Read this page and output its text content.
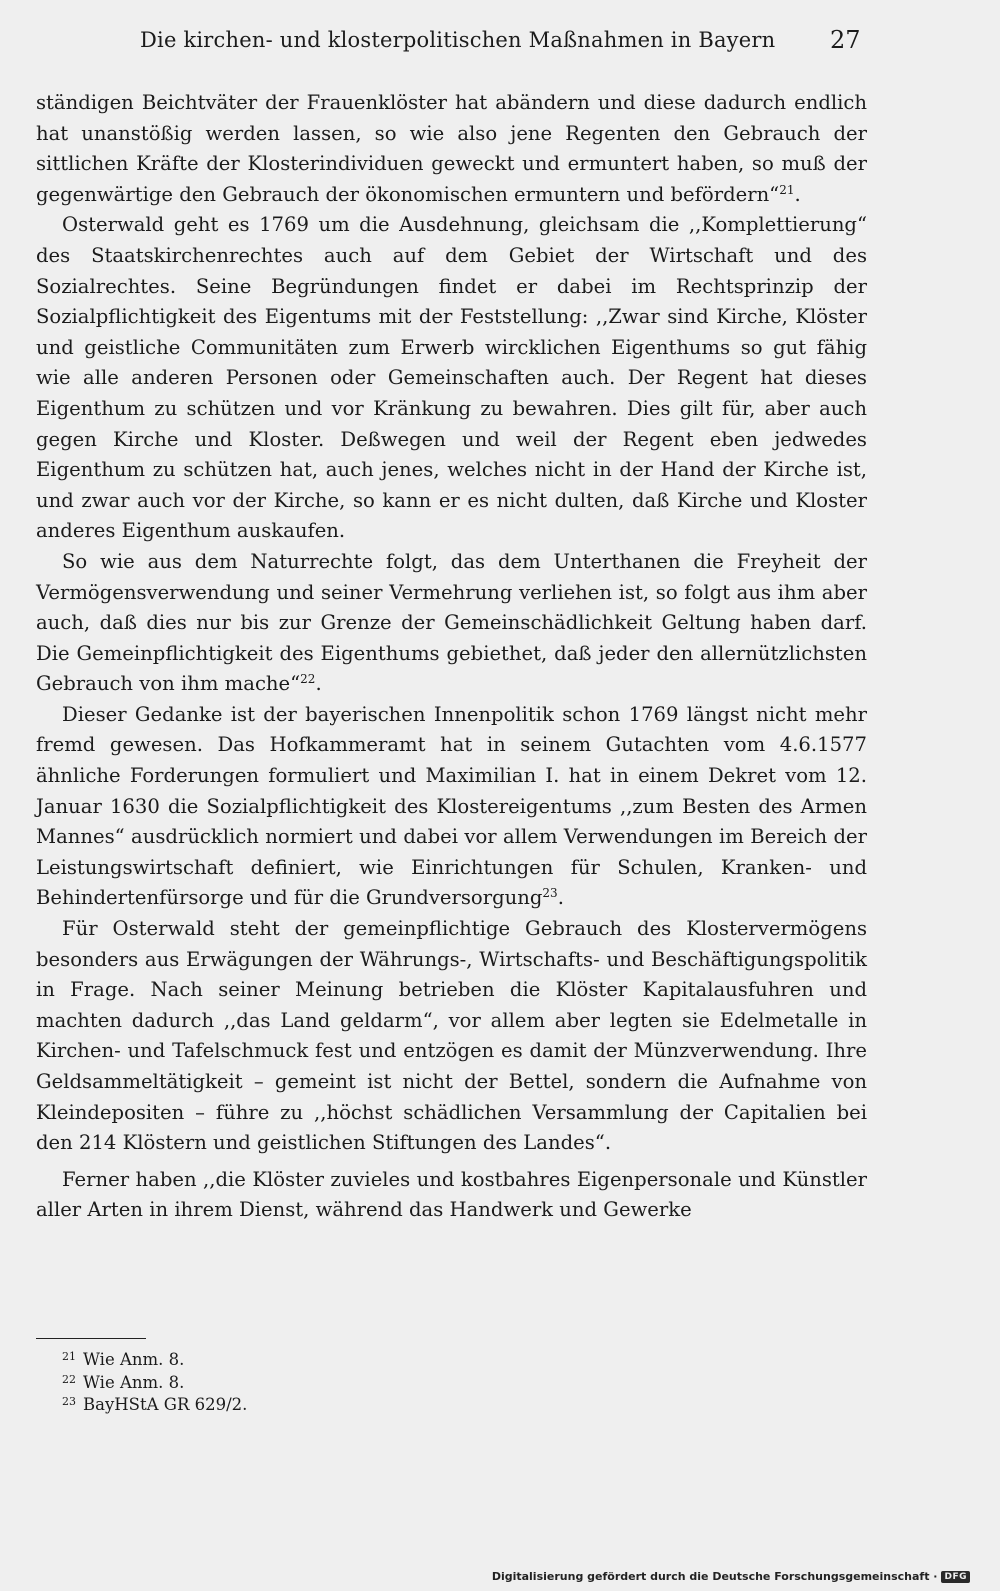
Die kirchen- und klosterpolitischen Maßnahmen in Bayern 27

ständigen Beichtväter der Frauenklöster hat abändern und diese dadurch endlich hat unanstößig werden lassen, so wie also jene Regenten den Gebrauch der sittlichen Kräfte der Klosterindividuen geweckt und ermuntert haben, so muß der gegenwärtige den Gebrauch der ökonomischen ermuntern und befördern“$^{21}$.

Osterwald geht es 1769 um die Ausdehnung, gleichsam die ,,Komplettierung“ des Staatskirchenrechtes auch auf dem Gebiet der Wirtschaft und des Sozialrechtes. Seine Begründungen findet er dabei im Rechtsprinzip der Sozialpflichtigkeit des Eigentums mit der Feststellung: ,,Zwar sind Kirche, Klöster und geistliche Communitäten zum Erwerb wircklichen Eigenthums so gut fähig wie alle anderen Personen oder Gemeinschaften auch. Der Regent hat dieses Eigenthum zu schützen und vor Kränkung zu bewahren. Dies gilt für, aber auch gegen Kirche und Kloster. Deßwegen und weil der Regent eben jedwedes Eigenthum zu schützen hat, auch jenes, welches nicht in der Hand der Kirche ist, und zwar auch vor der Kirche, so kann er es nicht dulten, daß Kirche und Kloster anderes Eigenthum auskaufen.

So wie aus dem Naturrechte folgt, das dem Unterthanen die Freyheit der Vermögensverwendung und seiner Vermehrung verliehen ist, so folgt aus ihm aber auch, daß dies nur bis zur Grenze der Gemeinschädlichkeit Geltung haben darf. Die Gemeinpflichtigkeit des Eigenthums gebiethet, daß jeder den allernützlichsten Gebrauch von ihm mache“$^{22}$.

Dieser Gedanke ist der bayerischen Innenpolitik schon 1769 längst nicht mehr fremd gewesen. Das Hofkammeramt hat in seinem Gutachten vom 4.6.1577 ähnliche Forderungen formuliert und Maximilian I. hat in einem Dekret vom 12. Januar 1630 die Sozialpflichtigkeit des Klostereigentums ,,zum Besten des Armen Mannes“ ausdrücklich normiert und dabei vor allem Verwendungen im Bereich der Leistungswirtschaft definiert, wie Einrichtungen für Schulen, Kranken- und Behindertenfürsorge und für die Grundversorgung$^{23}$.

Für Osterwald steht der gemeinpflichtige Gebrauch des Klostervermögens besonders aus Erwägungen der Währungs-, Wirtschafts- und Beschäftigungspolitik in Frage. Nach seiner Meinung betrieben die Klöster Kapitalausfuhren und machten dadurch ,,das Land geldarm“, vor allem aber legten sie Edelmetalle in Kirchen- und Tafelschmuck fest und entzögen es damit der Münzverwendung. Ihre Geldsammeltätigkeit – gemeint ist nicht der Bettel, sondern die Aufnahme von Kleindepositen – führe zu ,,höchst schädlichen Versammlung der Capitalien bei den 214 Klöstern und geistlichen Stiftungen des Landes“.

Ferner haben ,,die Klöster zuvieles und kostbahres Eigenpersonale und Künstler aller Arten in ihrem Dienst, während das Handwerk und Gewerke

$^{21}$ Wie Anm. 8.
$^{22}$ Wie Anm. 8.
$^{23}$ BayHStA GR 629/2.
Digitalisierung gefördert durch die Deutsche Forschungsgemeinschaft · DFG
